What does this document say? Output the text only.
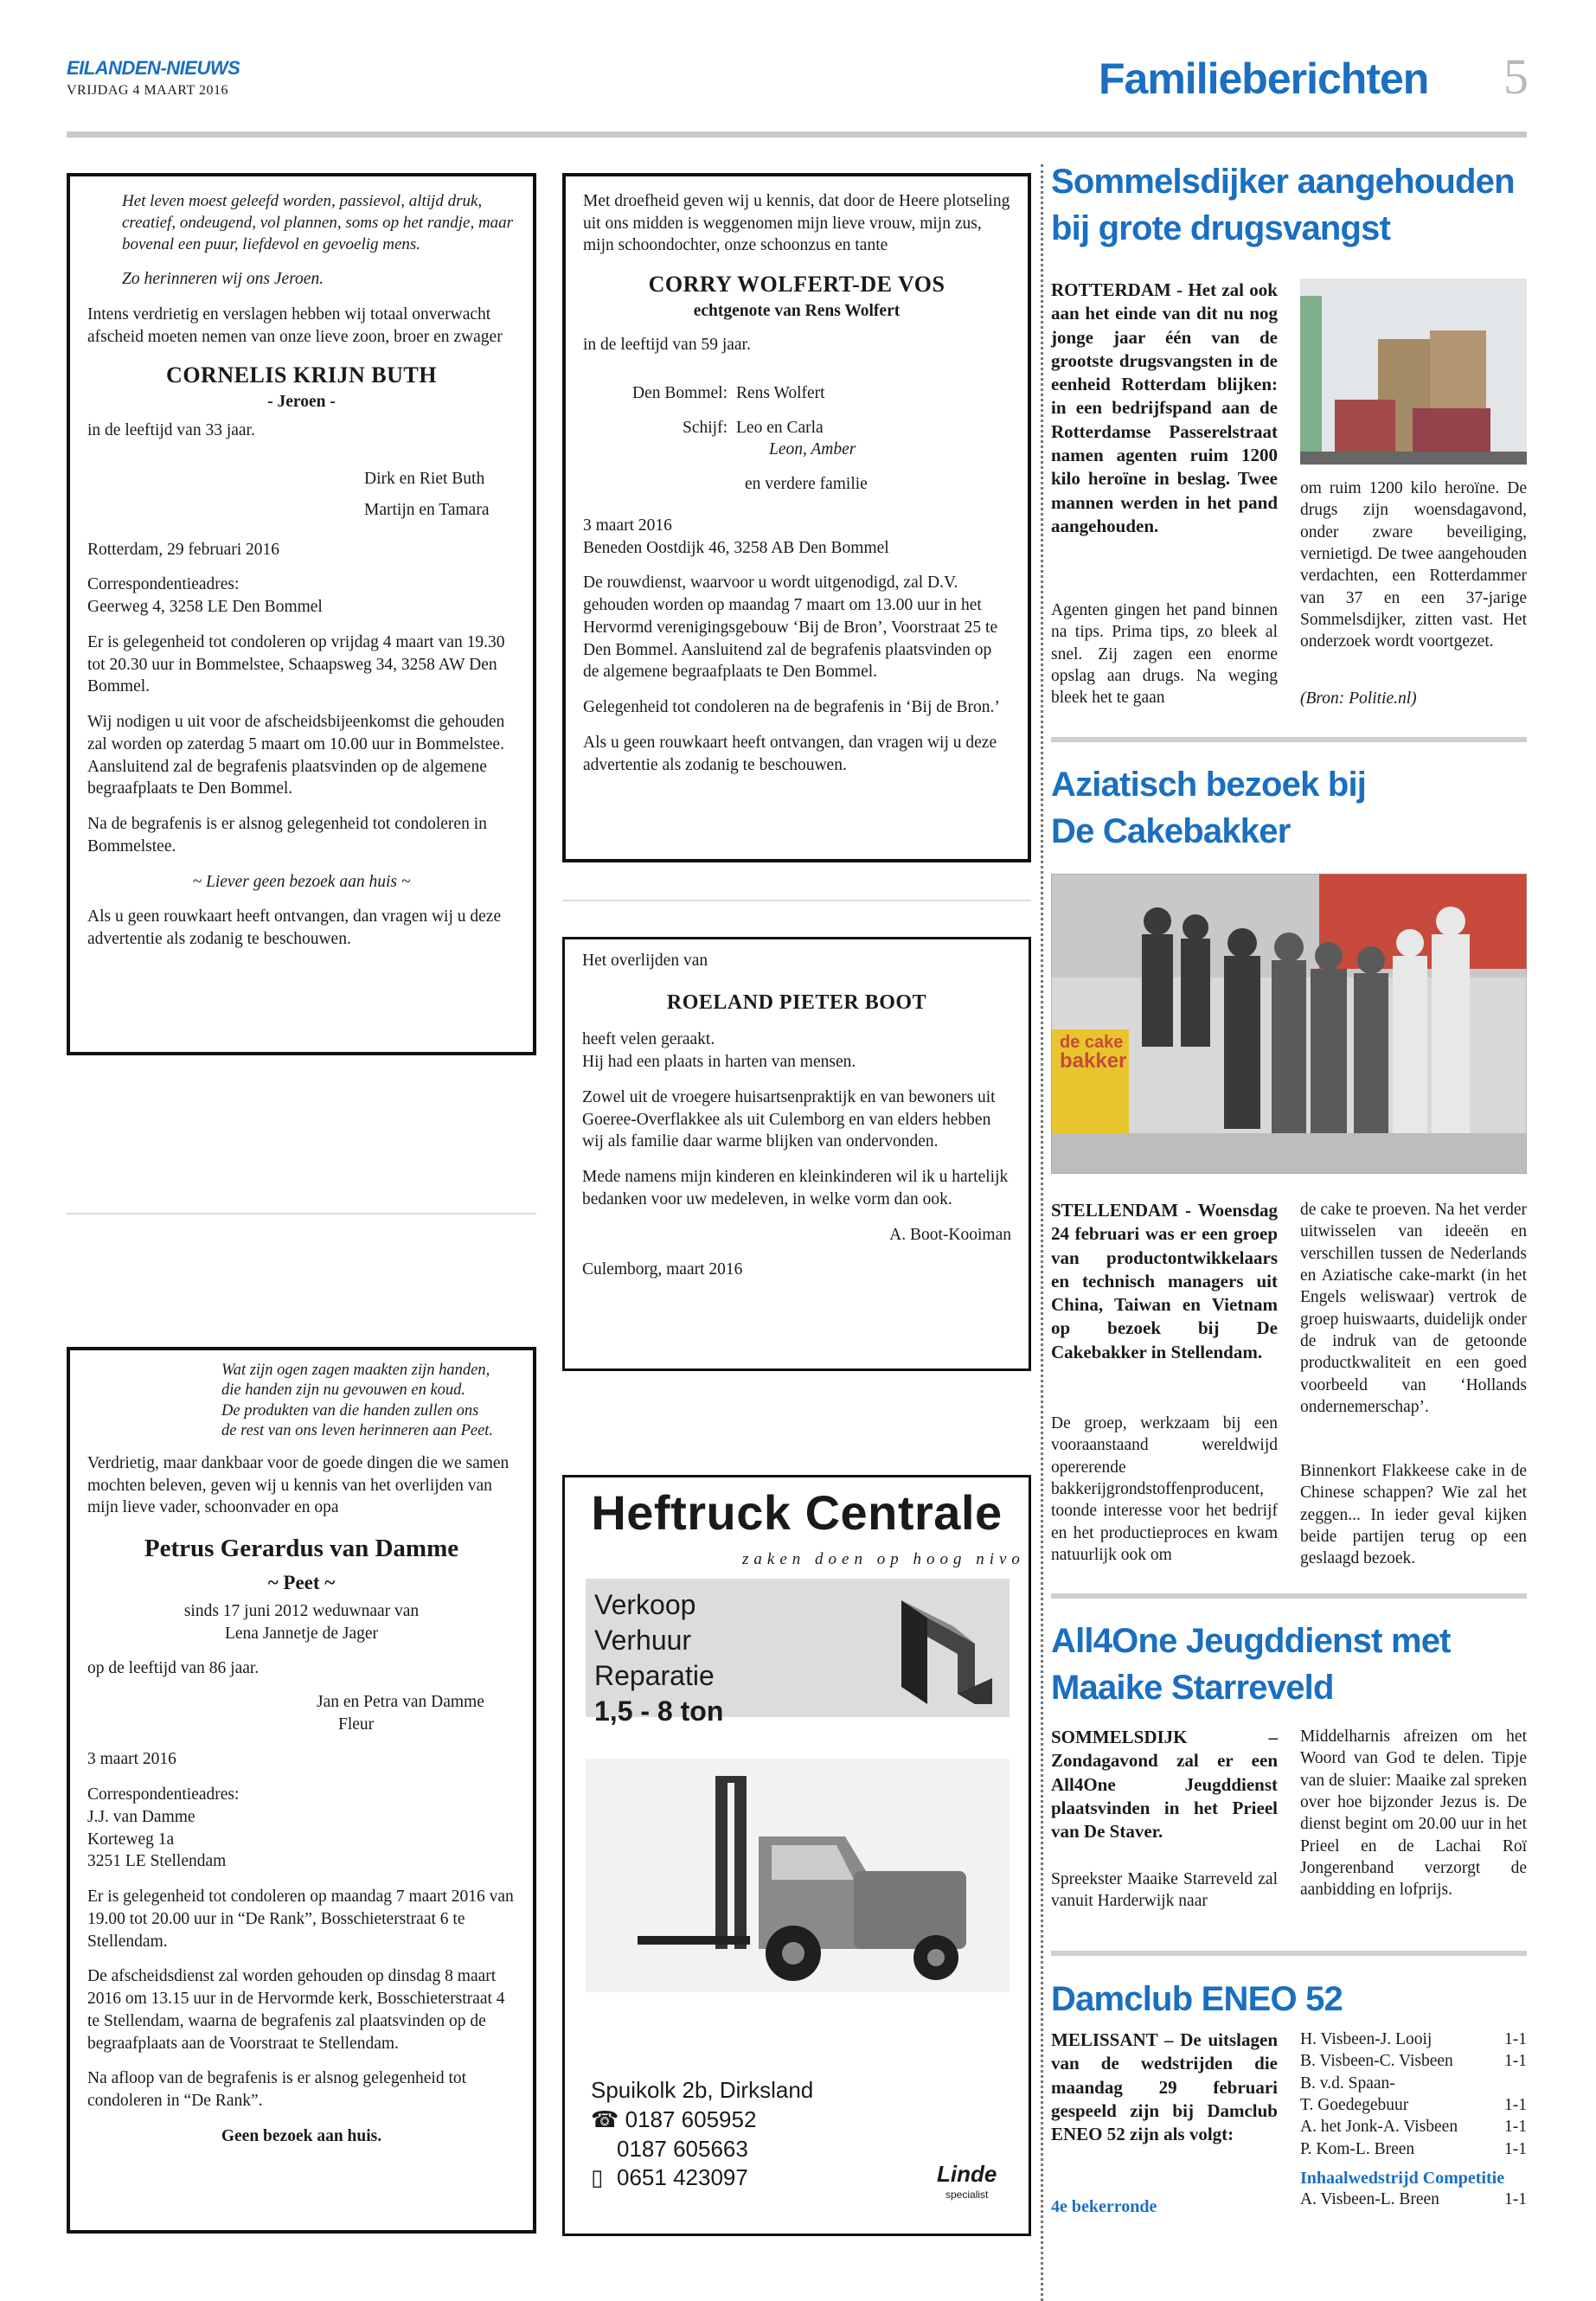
EILANDEN-NIEUWS
VRIJDAG 4 MAART 2016	Familieberichten 5

Het leven moest geleefd worden, passievol, altijd druk, creatief, ondeugend, vol plannen, soms op het randje, maar bovenal een puur, liefdevol en gevoelig mens.

Zo herinneren wij ons Jeroen.

Intens verdrietig en verslagen hebben wij totaal onverwacht afscheid moeten nemen van onze lieve zoon, broer en zwager

CORNELIS KRIJN BUTH
- Jeroen -

in de leeftijd van 33 jaar.

Dirk en Riet Buth
Martijn en Tamara

Rotterdam, 29 februari 2016

Correspondentieadres:

Geerweg 4, 3258 LE Den Bommel

Er is gelegenheid tot condoleren op vrijdag 4 maart van 19.30 tot 20.30 uur in Bommelstee, Schaapsweg 34, 3258 AW Den Bommel.

Wij nodigen u uit voor de afscheidsbijeenkomst die gehouden zal worden op zaterdag 5 maart om 10.00 uur in Bommelstee. Aansluitend zal de begrafenis plaatsvinden op de algemene begraafplaats te Den Bommel.

Na de begrafenis is er alsnog gelegenheid tot condoleren in Bommelstee.

~ Liever geen bezoek aan huis ~

Als u geen rouwkaart heeft ontvangen, dan vragen wij u deze advertentie als zodanig te beschouwen.

Wat zijn ogen zagen maakten zijn handen,
die handen zijn nu gevouwen en koud.
De produkten van die handen zullen ons
de rest van ons leven herinneren aan Peet.

Verdrietig, maar dankbaar voor de goede dingen die we samen mochten beleven, geven wij u kennis van het overlijden van mijn lieve vader, schoonvader en opa

Petrus Gerardus van Damme
~ Peet ~
sinds 17 juni 2012 weduwnaar van

Lena Jannetje de Jager

op de leeftijd van 86 jaar.

Jan en Petra van Damme

Fleur

3 maart 2016

Correspondentieadres:
J.J. van Damme
Korteweg 1a

3251 LE Stellendam

Er is gelegenheid tot condoleren op maandag 7 maart 2016 van 19.00 tot 20.00 uur in “De Rank”, Bosschieterstraat 6 te Stellendam.

De afscheidsdienst zal worden gehouden op dinsdag 8 maart 2016 om 13.15 uur in de Hervormde kerk, Bosschieterstraat 4 te Stellendam, waarna de begrafenis zal plaatsvinden op de begraafplaats aan de Voorstraat te Stellendam.

Na afloop van de begrafenis is er alsnog gelegenheid tot condoleren in “De Rank”.

Geen bezoek aan huis.

Met droefheid geven wij u kennis, dat door de Heere plotseling uit ons midden is weggenomen mijn lieve vrouw, mijn zus, mijn schoondochter, onze schoonzus en tante

CORRY WOLFERT-DE VOS
echtgenote van Rens Wolfert

in de leeftijd van 59 jaar.

Den Bommel: Rens Wolfert
Schijf: Leo en Carla
Leon, Amber

en verdere familie

3 maart 2016

Beneden Oostdijk 46, 3258 AB Den Bommel

De rouwdienst, waarvoor u wordt uitgenodigd, zal D.V. gehouden worden op maandag 7 maart om 13.00 uur in het Hervormd verenigingsgebouw ‘Bij de Bron’, Voorstraat 25 te Den Bommel. Aansluitend zal de begrafenis plaatsvinden op de algemene begraafplaats te Den Bommel.

Gelegenheid tot condoleren na de begrafenis in ‘Bij de Bron.’

Als u geen rouwkaart heeft ontvangen, dan vragen wij u deze advertentie als zodanig te beschouwen.

Het overlijden van
ROELAND PIETER BOOT
heeft velen geraakt.

Hij had een plaats in harten van mensen.

Zowel uit de vroegere huisartsenpraktijk en van bewoners uit Goeree-Overflakkee als uit Culemborg en van elders hebben wij als familie daar warme blijken van ondervonden.

Mede namens mijn kinderen en kleinkinderen wil ik u hartelijk bedanken voor uw medeleven, in welke vorm dan ook.

A. Boot-Kooiman

Culemborg, maart 2016
Heftruck Centrale
zaken doen op hoog nivo
Verkoop
Verhuur
Reparatie
1,5 - 8 ton
Spuikolk 2b, Dirksland
☎ 0187 605952
0187 605663
▯ 0651 423097	Linde
specialist
Sommelsdijker aangehouden bij grote drugsvangst
ROTTERDAM - Het zal ook aan het einde van dit nu nog jonge jaar één van de grootste drugsvangsten in de eenheid Rotterdam blijken: in een bedrijfspand aan de Rotterdamse Passerelstraat namen agenten ruim 1200 kilo heroïne in beslag. Twee mannen werden in het pand aangehouden.
Agenten gingen het pand binnen na tips. Prima tips, zo bleek al snel. Zij zagen een enorme opslag aan drugs. Na weging bleek het te gaan
om ruim 1200 kilo heroïne. De drugs zijn woensdagavond, onder zware beveiliging, vernietigd. De twee aangehouden verdachten, een Rotterdammer van 37 en een 37-jarige Sommelsdijker, zitten vast. Het onderzoek wordt voortgezet.
(Bron: Politie.nl)
Aziatisch bezoek bij
De Cakebakker
de cake
bakker
STELLENDAM - Woensdag 24 februari was er een groep van productontwikkelaars en technisch managers uit China, Taiwan en Vietnam op bezoek bij De Cakebakker in Stellendam.
De groep, werkzaam bij een vooraanstaand wereldwijd opererende bakkerijgrondstoffenproducent, toonde interesse voor het bedrijf en het productieproces en kwam natuurlijk ook om
de cake te proeven. Na het verder uitwisselen van ideeën en verschillen tussen de Nederlands en Aziatische cake-markt (in het Engels weliswaar) vertrok de groep huiswaarts, duidelijk onder de indruk van de getoonde productkwaliteit en een goed voorbeeld van ‘Hollands ondernemerschap’.
Binnenkort Flakkeese cake in de Chinese schappen? Wie zal het zeggen... In ieder geval kijken beide partijen terug op een geslaagd bezoek.
All4One Jeugddienst met
Maaike Starreveld
SOMMELSDIJK – Zondagavond zal er een All4One Jeugddienst plaatsvinden in het Prieel van De Staver.
Spreekster Maaike Starreveld zal vanuit Harderwijk naar
Middelharnis afreizen om het Woord van God te delen. Tipje van de sluier: Maaike zal spreken over hoe bijzonder Jezus is. De dienst begint om 20.00 uur in het Prieel en de Lachai Roï Jongerenband verzorgt de aanbidding en lofprijs.
Damclub ENEO 52
MELISSANT – De uitslagen van de wedstrijden die maandag 29 februari gespeeld zijn bij Damclub ENEO 52 zijn als volgt:
4e bekerronde
H. Visbeen-J. Looij	1-1
B. Visbeen-C. Visbeen	1-1
B. v.d. Spaan-
T. Goedegebuur	1-1
A. het Jonk-A. Visbeen	1-1
P. Kom-L. Breen	1-1
Inhaalwedstrijd Competitie
A. Visbeen-L. Breen	1-1
